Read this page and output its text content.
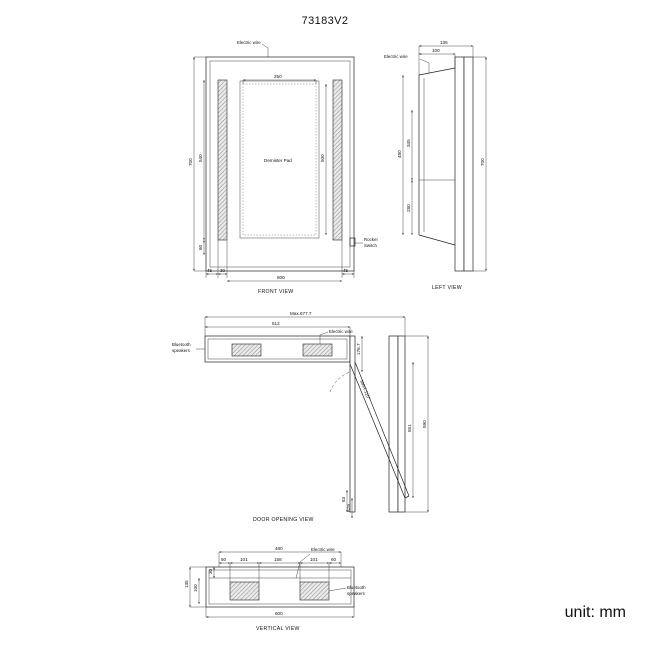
73183V2
unit: mm
Electric wire
Demister Pad
Rocker
Switch
250
700
540	500
60
45 30
600
45
FRONT VIEW
Electric wire
135
100
345
480
280
700
LEFT VIEW
MAX.110°
Bluetooth
speakers
Electric wire
Max.677.7
512
176.7
551
590
63
629
DOOR OPENING VIEW
Electric wire
Bluetooth
speakers
480
60	101	158	101	60
30
100
135
600
VERTICAL VIEW
